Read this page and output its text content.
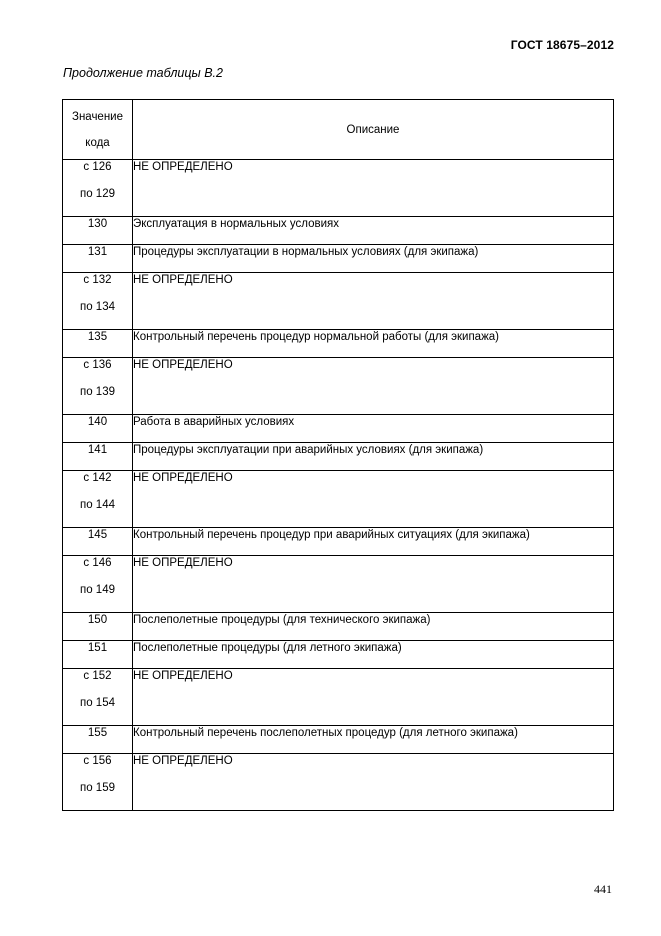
ГОСТ 18675–2012
Продолжение таблицы В.2
Значение
кода	Описание

с 126
по 129	НЕ ОПРЕДЕЛЕНО

130	Эксплуатация в нормальных условиях

131	Процедуры эксплуатации в нормальных условиях (для экипажа)

с 132
по 134	НЕ ОПРЕДЕЛЕНО

135	Контрольный перечень процедур нормальной работы (для экипажа)

с 136
по 139	НЕ ОПРЕДЕЛЕНО

140	Работа в аварийных условиях

141	Процедуры эксплуатации при аварийных условиях (для экипажа)

с 142
по 144	НЕ ОПРЕДЕЛЕНО

145	Контрольный перечень процедур при аварийных ситуациях (для экипажа)

с 146
по 149	НЕ ОПРЕДЕЛЕНО

150	Послеполетные процедуры (для технического экипажа)

151	Послеполетные процедуры (для летного экипажа)

с 152
по 154	НЕ ОПРЕДЕЛЕНО

155	Контрольный перечень послеполетных процедур (для летного экипажа)

с 156
по 159	НЕ ОПРЕДЕЛЕНО
441
